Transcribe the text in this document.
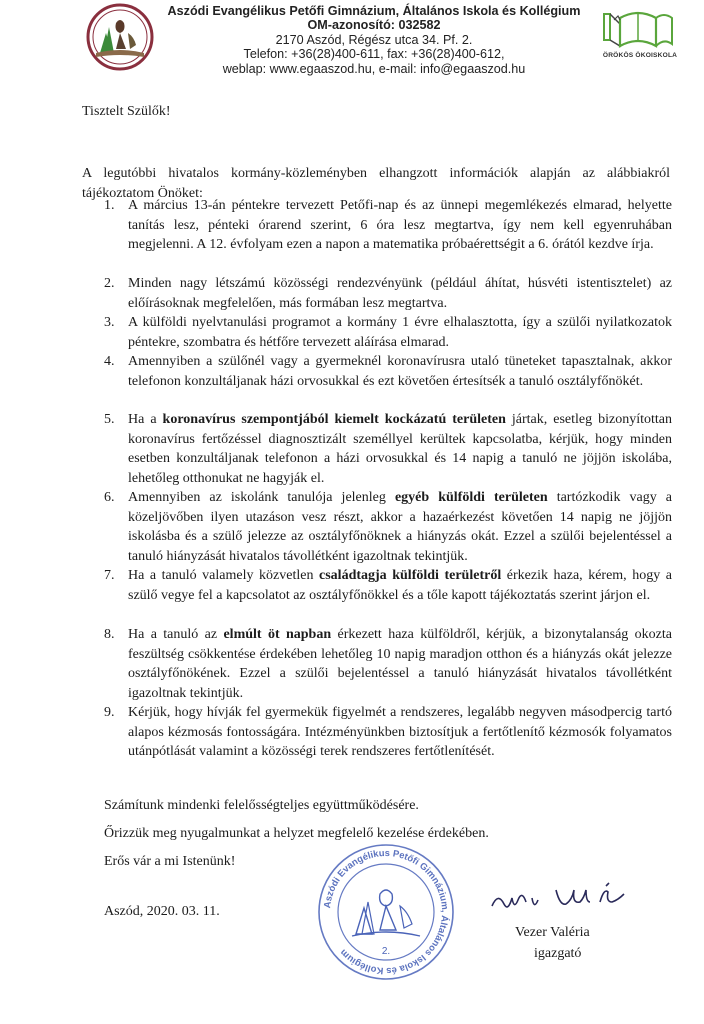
Aszódi Evangélikus Petőfi Gimnázium, Általános Iskola és Kollégium
OM-azonosító: 032582
2170 Aszód, Régész utca 34. Pf. 2.
Telefon: +36(28)400-611, fax: +36(28)400-612,
weblap: www.egaaszod.hu, e-mail: info@egaaszod.hu
ÖRÖKÖS ÖKOISKOLA
Tisztelt Szülők!
A legutóbbi hivatalos kormány-közleményben elhangzott információk alapján az alábbiakról tájékoztatom Önöket:
1. A március 13-án péntekre tervezett Petőfi-nap és az ünnepi megemlékezés elmarad, helyette tanítás lesz, pénteki órarend szerint, 6 óra lesz megtartva, így nem kell egyenruhában megjelenni. A 12. évfolyam ezen a napon a matematika próbaérettségit a 6. órától kezdve írja.
2. Minden nagy létszámú közösségi rendezvényünk (például áhítat, húsvéti istentisztelet) az előírásoknak megfelelően, más formában lesz megtartva.
3. A külföldi nyelvtanulási programot a kormány 1 évre elhalasztotta, így a szülői nyilatkozatok péntekre, szombatra és hétfőre tervezett aláírása elmarad.
4. Amennyiben a szülőnél vagy a gyermeknél koronavírusra utaló tüneteket tapasztalnak, akkor telefonon konzultáljanak házi orvosukkal és ezt követően értesítsék a tanuló osztályfőnökét.
5. Ha a koronavírus szempontjából kiemelt kockázatú területen jártak, esetleg bizonyítottan koronavírus fertőzéssel diagnosztizált személlyel kerültek kapcsolatba, kérjük, hogy minden esetben konzultáljanak telefonon a házi orvosukkal és 14 napig a tanuló ne jöjjön iskolába, lehetőleg otthonukat ne hagyják el.
6. Amennyiben az iskolánk tanulója jelenleg egyéb külföldi területen tartózkodik vagy a közeljövőben ilyen utazáson vesz részt, akkor a hazaérkezést követően 14 napig ne jöjjön iskolásba és a szülő jelezze az osztályfőnöknek a hiányzás okát. Ezzel a szülői bejelentéssel a tanuló hiányzását hivatalos távollétként igazoltnak tekintjük.
7. Ha a tanuló valamely közvetlen családtagja külföldi területről érkezik haza, kérem, hogy a szülő vegye fel a kapcsolatot az osztályfőnökkel és a tőle kapott tájékoztatás szerint járjon el.
8. Ha a tanuló az elmúlt öt napban érkezett haza külföldről, kérjük, a bizonytalanság okozta feszültség csökkentése érdekében lehetőleg 10 napig maradjon otthon és a hiányzás okát jelezze osztályfőnökének. Ezzel a szülői bejelentéssel a tanuló hiányzását hivatalos távollétként igazoltnak tekintjük.
9. Kérjük, hogy hívják fel gyermekük figyelmét a rendszeres, legalább negyven másodpercig tartó alapos kézmosás fontosságára. Intézményünkben biztosítjuk a fertőtlenítő kézmosók folyamatos utánpótlását valamint a közösségi terek rendszeres fertőtlenítését.
Számítunk mindenki felelősségteljes együttműködésére.
Őrizzük meg nyugalmunkat a helyzet megfelelő kezelése érdekében.
Erős vár a mi Istenünk!
Aszód, 2020. 03. 11.	Aszódi Evangélikus Petőfi Gimnázium, Általános Iskola és Kollégium	2.
Vezer Valéria
igazgató
